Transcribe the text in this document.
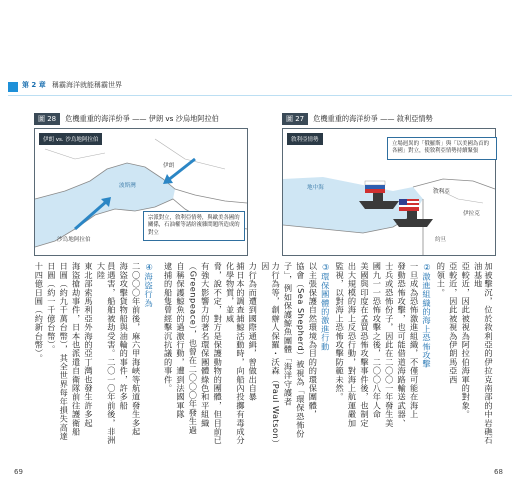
第 2 章 稱霸海洋就能稱霸世界
圖 28	危機重重的海洋紛爭 —— 伊朗 vs 沙烏地阿拉伯
伊朗 vs. 沙烏地阿拉伯
伊朗
波斯灣
沙烏地阿拉伯
宗派對立，敘利亞情勢，與歐美各國的關係，石油權等諸紛複雜問題所造成的對立
圖 27	危機重重的海洋紛爭 —— 敘利亞情勢
敘利亞情勢
地中海
敘利亞
伊拉克
約旦
立場迥異的「俄羅斯」與「以美國為首的各國」對立，使敘利亞情勢持續緊張
捕日本的調查捕鯨活動時，向船內投擲有毒成分化學物質，並威
脅，說不定，對方是保護動物的團體，但目前已
有強大影響力的著名環保團體綠色和平組織
（Greenpeace），也曾在二〇〇〇年發生過
自稱保護鯨魚的過激行動，遭到法國軍隊
逮捕的船隻曾經擊沉抗議的事件。
④海盜行為
二〇〇〇年前後，麻六甲海峽等航道發生多起
海盜攻擊貨物船與油輪的事件，許多船
員遇害，船舶被劫受害。二〇一〇年前後，非洲大陸
東北部索馬利亞外海的亞丁灣也發生許多起
海盜搶劫事件，日本也派遣自衛隊前往護衛船
日圓（約九千萬台幣），其全世界每年損失高達
日圓（約一千億台幣）。
十四億日圓（約新台幣）。	加被擊沉，位於敘利亞的伊拉克南部的中岩礁石油基地
亞較近，因此被視為阿拉伯海軍的對象。
亞較近，因此被視為伊朗馬亞西
的領土。
②激進組織的海上恐怖攻擊
一旦成為恐怖激進組織，不僅可能在海上
發動恐怖攻擊，也可能借道海路輸送武器、
士兵或恐怖份子，因此在二〇〇一年發生美
國九一一恐怖攻擊之後，二〇〇八年人命
美國與印度在孟買恐怖攻擊事件後，也制定
出大規模的海上反恐行動，對海上航運嚴加
監視，以對海上恐怖攻擊防範未然。
③環保團體的激進行動
以主張保護自然環境為目的的環保團體，
協會（Sea Shepherd）被視為「環保恐怖份
子」，例如保護鯨魚團體「海洋守護者
力行為等，創辦人保羅・沃森（Paul Watson）因
力行為而遭到國際通緝，曾做出自暴
69	68
